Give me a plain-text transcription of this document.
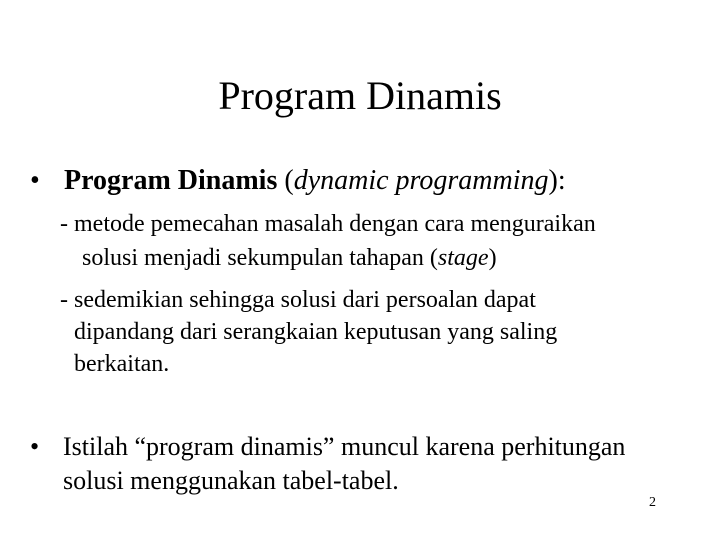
Program Dinamis
• Program Dinamis (dynamic programming):
- metode pemecahan masalah dengan cara menguraikan
solusi menjadi sekumpulan tahapan (stage)
- sedemikian sehingga solusi dari persoalan dapat
dipandang dari serangkaian keputusan yang saling
berkaitan.
• Istilah “program dinamis” muncul karena perhitungan
solusi menggunakan tabel-tabel.
2
